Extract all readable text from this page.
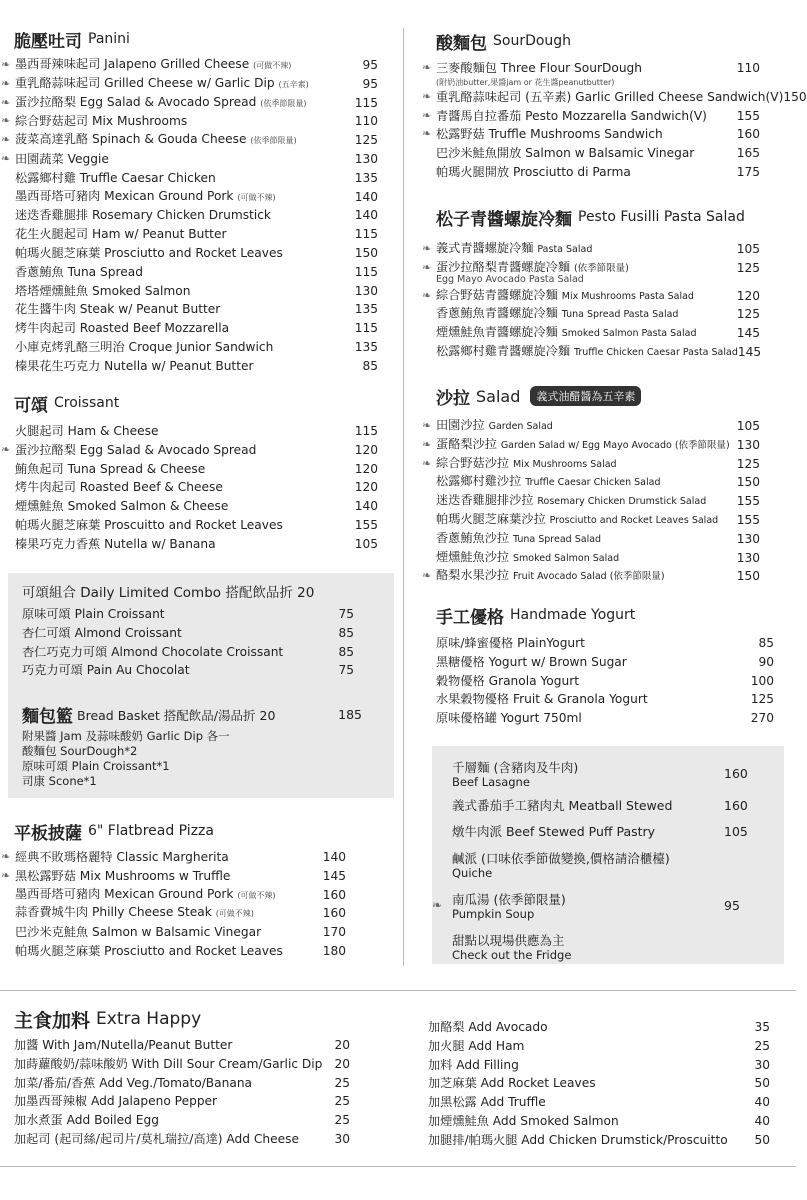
脆壓吐司 Panini
❧ 墨西哥辣味起司 Jalapeno Grilled Cheese (可做不辣)	95
❧ 重乳酪蒜味起司 Grilled Cheese w/ Garlic Dip (五辛素)	95
❧ 蛋沙拉酪梨 Egg Salad & Avocado Spread (依季節限量)	115
❧ 綜合野菇起司 Mix Mushrooms	110
❧ 菠菜高達乳酪 Spinach & Gouda Cheese (依季節限量)	125
❧ 田園蔬菜 Veggie	130
松露鄉村雞 Truffle Caesar Chicken	135
墨西哥塔可豬肉 Mexican Ground Pork (可做不辣)	140
迷迭香雞腿排 Rosemary Chicken Drumstick	140
花生火腿起司 Ham w/ Peanut Butter	115
帕瑪火腿芝麻葉 Prosciutto and Rocket Leaves	150
香蔥鮪魚 Tuna Spread	115
塔塔煙燻鮭魚 Smoked Salmon	130
花生醬牛肉 Steak w/ Peanut Butter	135
烤牛肉起司 Roasted Beef Mozzarella	115
小庫克烤乳酪三明治 Croque Junior Sandwich	135
榛果花生巧克力 Nutella w/ Peanut Butter	85
可頌 Croissant
火腿起司 Ham & Cheese	115
❧ 蛋沙拉酪梨 Egg Salad & Avocado Spread	120
鮪魚起司 Tuna Spread & Cheese	120
烤牛肉起司 Roasted Beef & Cheese	120
煙燻鮭魚 Smoked Salmon & Cheese	140
帕瑪火腿芝麻葉 Proscuitto and Rocket Leaves	155
榛果巧克力香蕉 Nutella w/ Banana	105
可頌組合 Daily Limited Combo 搭配飲品折 20
原味可頌 Plain Croissant	75
杏仁可頌 Almond Croissant	85
杏仁巧克力可頌 Almond Chocolate Croissant	85
巧克力可頌 Pain Au Chocolat	75
麵包籃 Bread Basket 搭配飲品/湯品折 20	185
附果醬 Jam 及蒜味酸奶 Garlic Dip 各一
酸麵包 SourDough*2
原味可頌 Plain Croissant*1
司康 Scone*1
平板披薩 6" Flatbread Pizza
❧ 經典不敗瑪格麗特 Classic Margherita	140
❧ 黑松露野菇 Mix Mushrooms w Truffle	145
墨西哥塔可豬肉 Mexican Ground Pork (可做不辣)	160
蒜香費城牛肉 Philly Cheese Steak (可做不辣)	160
巴沙米克鮭魚 Salmon w Balsamic Vinegar	170
帕瑪火腿芝麻葉 Prosciutto and Rocket Leaves	180
酸麵包 SourDough
❧ 三麥酸麵包 Three Flour SourDough	110
(附奶油butter,果醬jam or 花生醬peanutbutter)
❧ 重乳酪蒜味起司 (五辛素) Garlic Grilled Cheese Sandwich(V) 150
❧ 青醬馬自拉番茄 Pesto Mozzarella Sandwich(V)	155
❧ 松露野菇 Truffle Mushrooms Sandwich	160
巴沙米鮭魚開放 Salmon w Balsamic Vinegar	165
帕瑪火腿開放 Prosciutto di Parma	175
松子青醬螺旋冷麵 Pesto Fusilli Pasta Salad
❧ 義式青醬螺旋冷麵 Pasta Salad	105
❧ 蛋沙拉酪梨青醬螺旋冷麵 (依季節限量)	125
Egg Mayo Avocado Pasta Salad
❧ 綜合野菇青醬螺旋冷麵 Mix Mushrooms Pasta Salad	120
香蔥鮪魚青醬螺旋冷麵 Tuna Spread Pasta Salad	125
煙燻鮭魚青醬螺旋冷麵 Smoked Salmon Pasta Salad	145
松露鄉村雞青醬螺旋冷麵 Truffle Chicken Caesar Pasta Salad 145
沙拉 Salad	義式油醋醬為五辛素
❧ 田園沙拉 Garden Salad	105
❧ 蛋酪梨沙拉 Garden Salad w/ Egg Mayo Avocado (依季節限量) 130
❧ 綜合野菇沙拉 Mix Mushrooms Salad	125
松露鄉村雞沙拉 Truffle Caesar Chicken Salad	150
迷迭香雞腿排沙拉 Rosemary Chicken Drumstick Salad	155
帕瑪火腿芝麻葉沙拉 Prosciutto and Rocket Leaves Salad	155
香蔥鮪魚沙拉 Tuna Spread Salad	130
煙燻鮭魚沙拉 Smoked Salmon Salad	130
❧ 酪梨水果沙拉 Fruit Avocado Salad (依季節限量)	150
手工優格 Handmade Yogurt
原味/蜂蜜優格 PlainYogurt	85
黑糖優格 Yogurt w/ Brown Sugar	90
穀物優格 Granola Yogurt	100
水果穀物優格 Fruit & Granola Yogurt	125
原味優格罐 Yogurt 750ml	270
千層麵 (含豬肉及牛肉)
Beef Lasagne
160
義式番茄手工豬肉丸 Meatball Stewed	160
燉牛肉派 Beef Stewed Puff Pastry	105
鹹派 (口味依季節做變換,價格請洽櫃檯)
Quiche
❧ 南瓜湯 (依季節限量)
Pumpkin Soup
95
甜點以現場供應為主
Check out the Fridge
主食加料 Extra Happy
加醬 With Jam/Nutella/Peanut Butter	20
加蒔蘿酸奶/蒜味酸奶 With Dill Sour Cream/Garlic Dip 20
加菜/番茄/香蕉 Add Veg./Tomato/Banana	25
加墨西哥辣椒 Add Jalapeno Pepper	25
加水煮蛋 Add Boiled Egg	25
加起司 (起司絲/起司片/莫札瑞拉/高達) Add Cheese	30
加酪梨 Add Avocado	35
加火腿 Add Ham	25
加料 Add Filling	30
加芝麻葉 Add Rocket Leaves	50
加黑松露 Add Truffle	40
加煙燻鮭魚 Add Smoked Salmon	40
加腿排/帕瑪火腿 Add Chicken Drumstick/Proscuitto	50
